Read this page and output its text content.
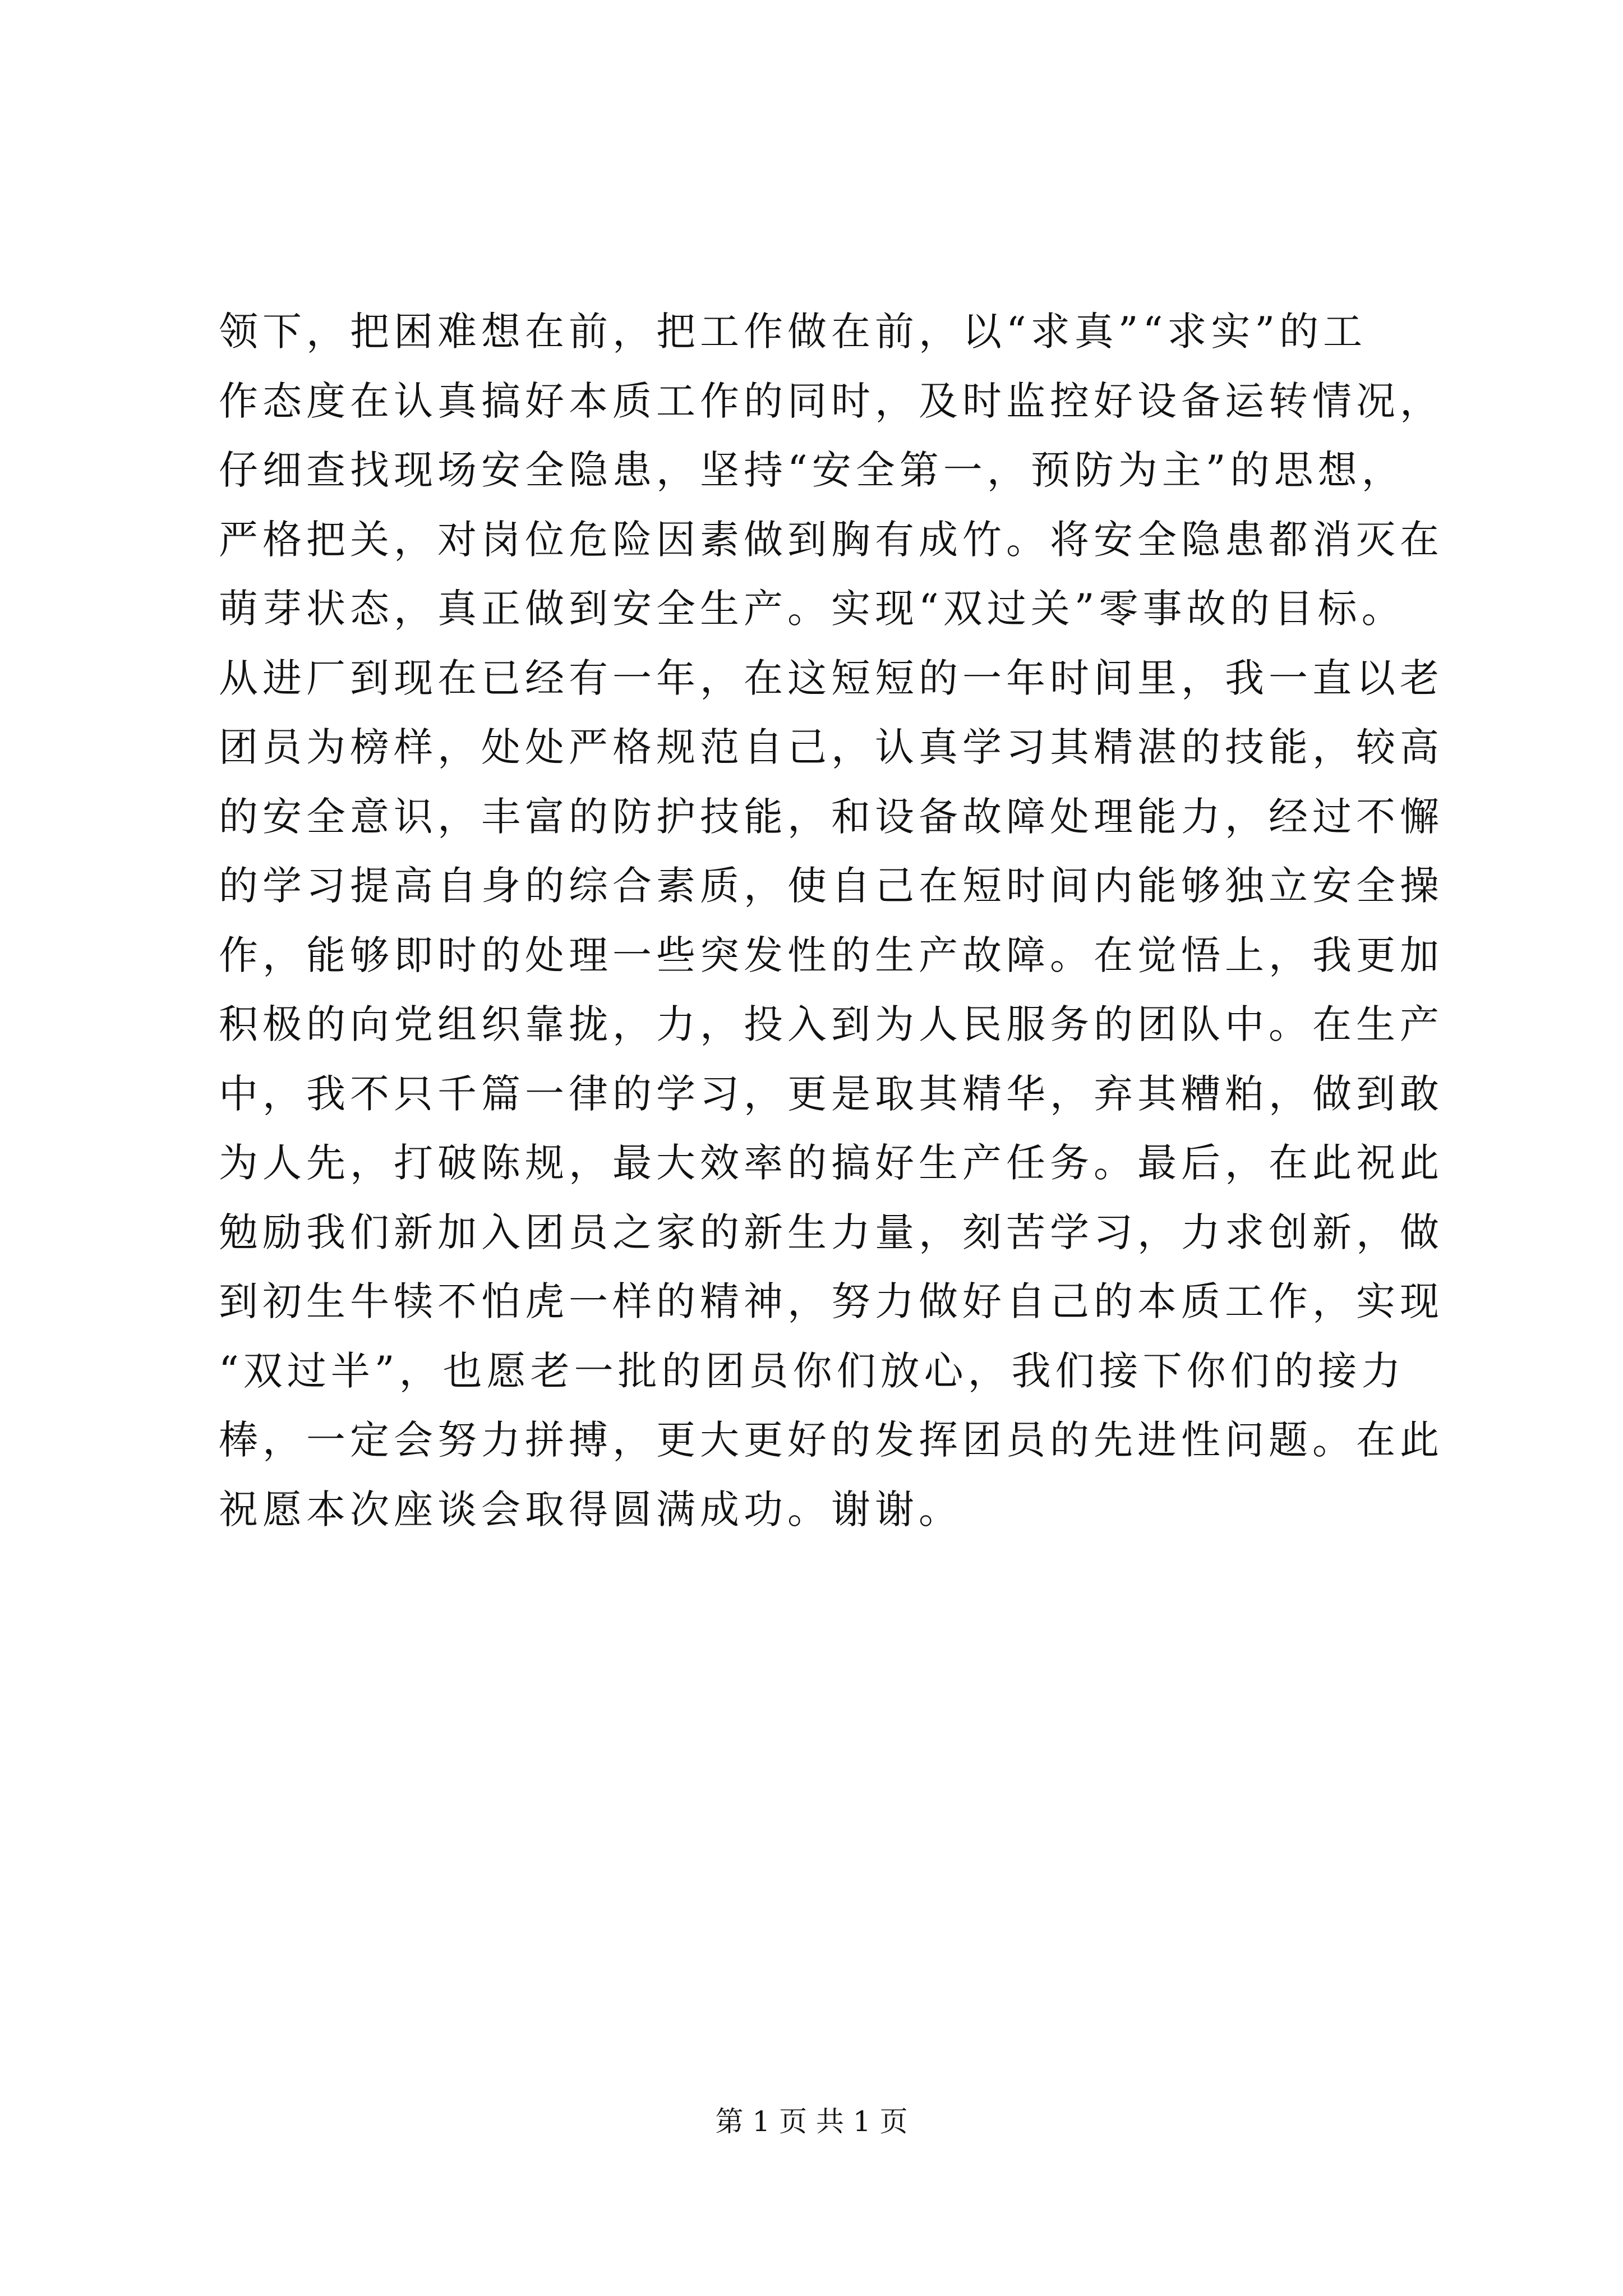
领下，把困难想在前，把工作做在前，以“求真”“求实”的工
作态度在认真搞好本质工作的同时，及时监控好设备运转情况，
仔细查找现场安全隐患，坚持“安全第一，预防为主”的思想，
严格把关，对岗位危险因素做到胸有成竹。将安全隐患都消灭在
萌芽状态，真正做到安全生产。实现“双过关”零事故的目标。
从进厂到现在已经有一年，在这短短的一年时间里，我一直以老
团员为榜样，处处严格规范自己，认真学习其精湛的技能，较高
的安全意识，丰富的防护技能，和设备故障处理能力，经过不懈
的学习提高自身的综合素质，使自己在短时间内能够独立安全操
作，能够即时的处理一些突发性的生产故障。在觉悟上，我更加
积极的向党组织靠拢，力，投入到为人民服务的团队中。在生产
中，我不只千篇一律的学习，更是取其精华，弃其糟粕，做到敢
为人先，打破陈规，最大效率的搞好生产任务。最后，在此祝此
勉励我们新加入团员之家的新生力量，刻苦学习，力求创新，做
到初生牛犊不怕虎一样的精神，努力做好自己的本质工作，实现
“双过半”，也愿老一批的团员你们放心，我们接下你们的接力
棒，一定会努力拼搏，更大更好的发挥团员的先进性问题。在此
祝愿本次座谈会取得圆满成功。谢谢。
第 1 页 共 1 页
